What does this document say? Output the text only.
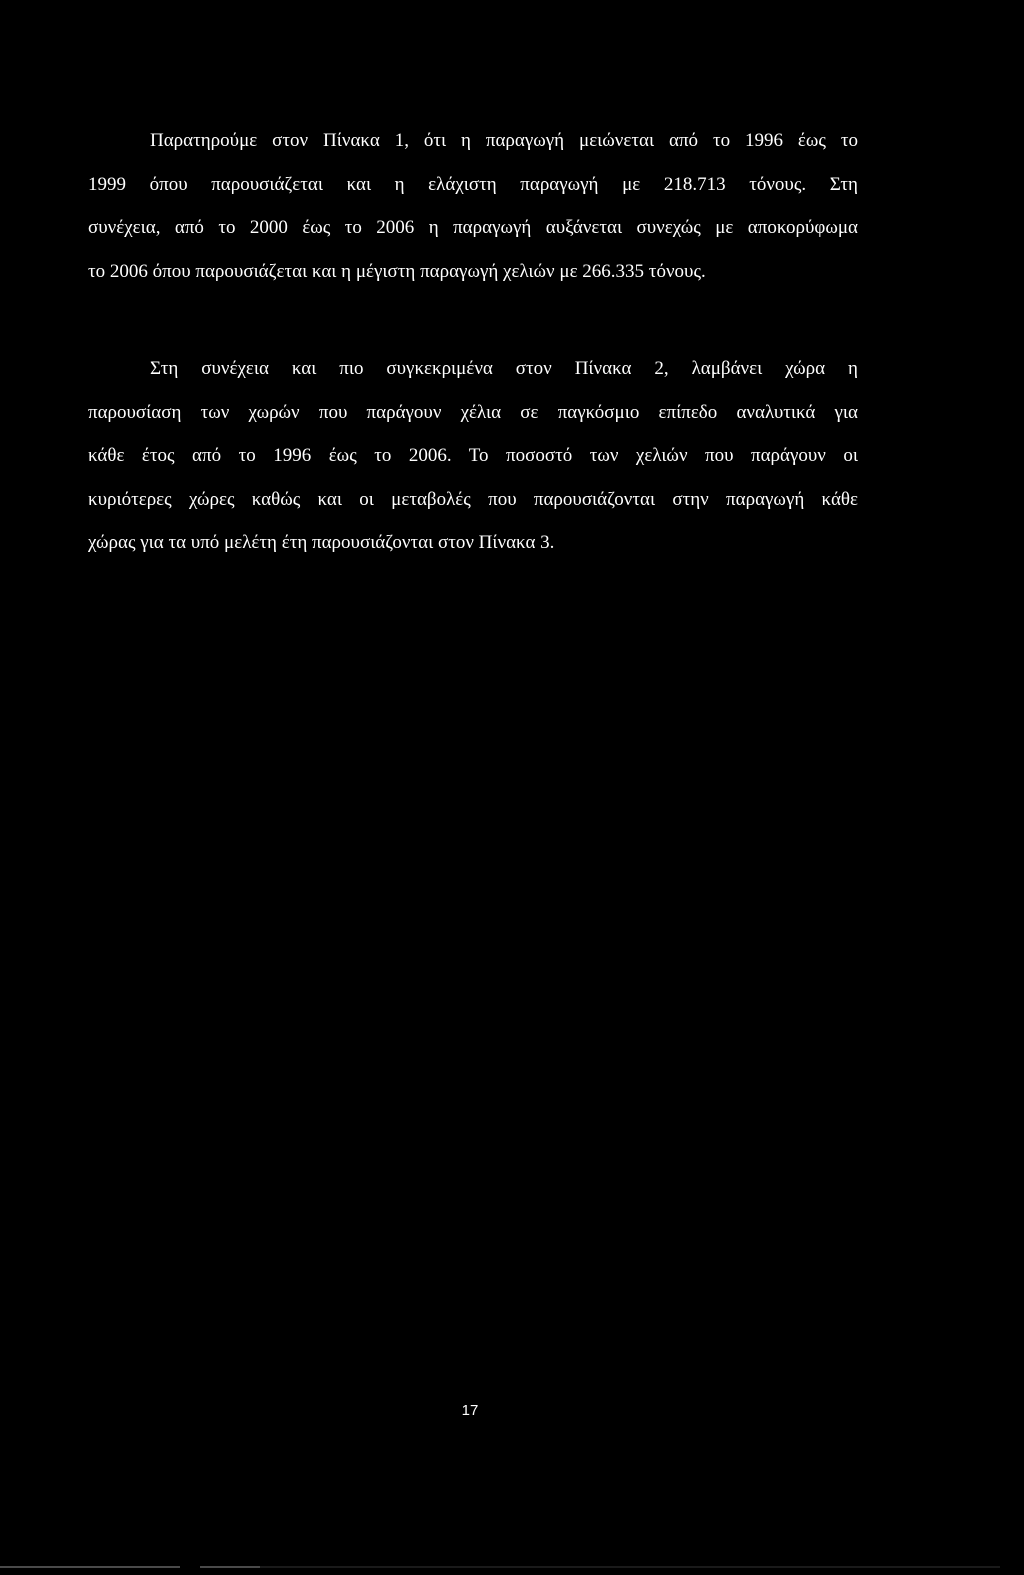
Παρατηρούμε στον Πίνακα 1, ότι η παραγωγή μειώνεται από το 1996 έως το
1999 όπου παρουσιάζεται και η ελάχιστη παραγωγή με 218.713 τόνους. Στη
συνέχεια, από το 2000 έως το 2006 η παραγωγή αυξάνεται συνεχώς με αποκορύφωμα
το 2006 όπου παρουσιάζεται και η μέγιστη παραγωγή χελιών με 266.335 τόνους.
Στη συνέχεια και πιο συγκεκριμένα στον Πίνακα 2, λαμβάνει χώρα η
παρουσίαση των χωρών που παράγουν χέλια σε παγκόσμιο επίπεδο αναλυτικά για
κάθε έτος από το 1996 έως το 2006. Το ποσοστό των χελιών που παράγουν οι
κυριότερες χώρες καθώς και οι μεταβολές που παρουσιάζονται στην παραγωγή κάθε
χώρας για τα υπό μελέτη έτη παρουσιάζονται στον Πίνακα 3.
17
